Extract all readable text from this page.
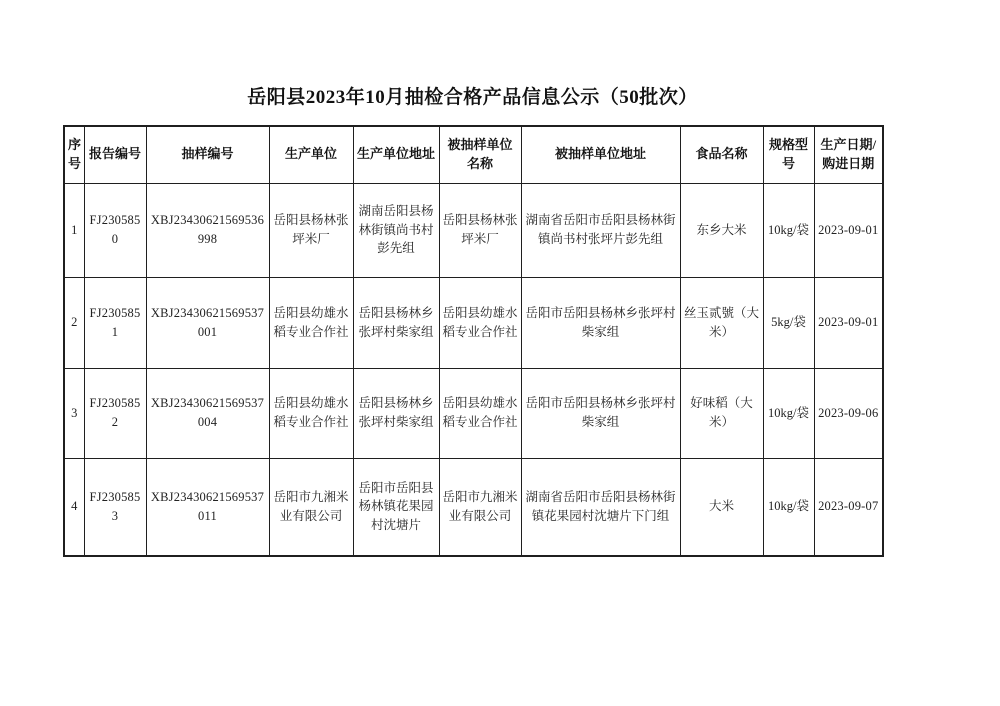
岳阳县2023年10月抽检合格产品信息公示（50批次）
序号	报告编号	抽样编号	生产单位	生产单位地址	被抽样单位名称	被抽样单位地址	食品名称	规格型号	生产日期/购进日期
1	FJ2305850	XBJ23430621569536998	岳阳县杨林张坪米厂	湖南岳阳县杨林街镇尚书村彭先组	岳阳县杨林张坪米厂	湖南省岳阳市岳阳县杨林街镇尚书村张坪片彭先组	东乡大米	10kg/袋	2023-09-01
2	FJ2305851	XBJ23430621569537001	岳阳县幼雄水稻专业合作社	岳阳县杨林乡张坪村柴家组	岳阳县幼雄水稻专业合作社	岳阳市岳阳县杨林乡张坪村柴家组	丝玉贰號（大米）	5kg/袋	2023-09-01
3	FJ2305852	XBJ23430621569537004	岳阳县幼雄水稻专业合作社	岳阳县杨林乡张坪村柴家组	岳阳县幼雄水稻专业合作社	岳阳市岳阳县杨林乡张坪村柴家组	好味稻（大米）	10kg/袋	2023-09-06
4	FJ2305853	XBJ23430621569537011	岳阳市九湘米业有限公司	岳阳市岳阳县杨林镇花果园村沈塘片	岳阳市九湘米业有限公司	湖南省岳阳市岳阳县杨林街镇花果园村沈塘片下门组	大米	10kg/袋	2023-09-07
